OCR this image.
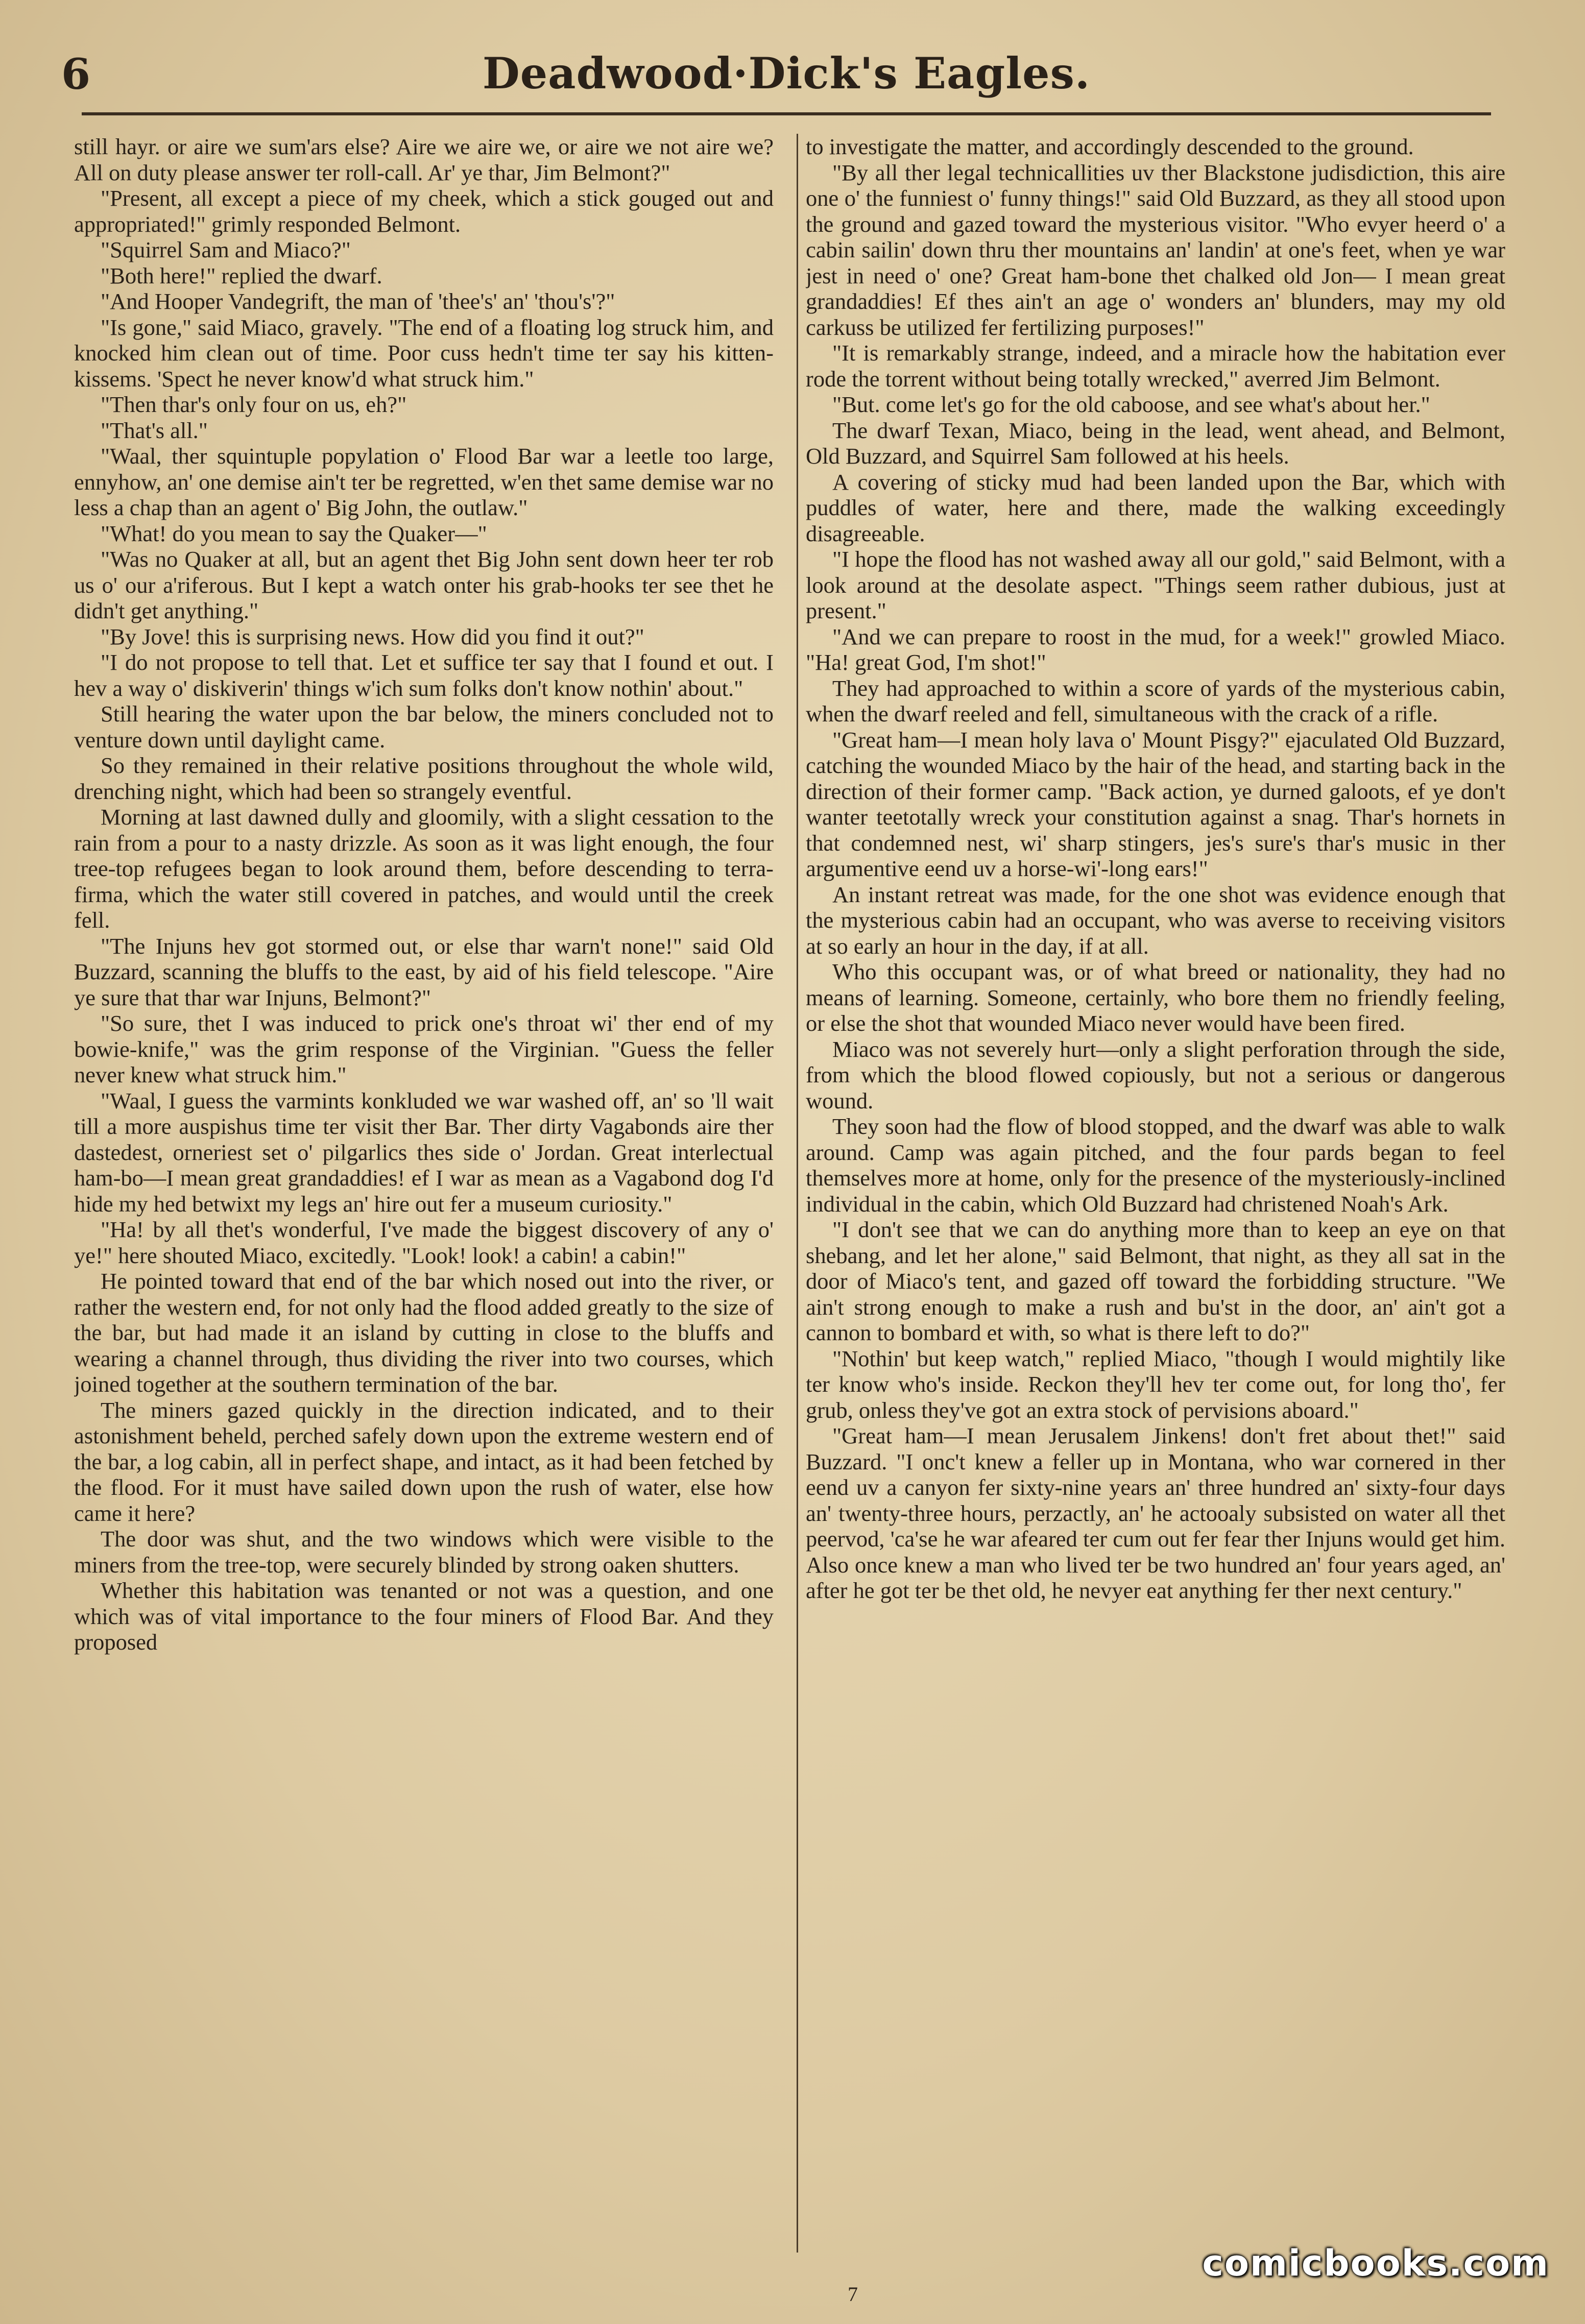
6	Deadwood·Dick's Eagles.

still hayr. or aire we sum'ars else? Aire we aire we, or aire we not aire we? All on duty please answer ter roll-call. Ar' ye thar, Jim Belmont?"

"Present, all except a piece of my cheek, which a stick gouged out and appropriated!" grimly responded Belmont.

"Squirrel Sam and Miaco?"

"Both here!" replied the dwarf.

"And Hooper Vandegrift, the man of 'thee's' an' 'thou's'?"

"Is gone," said Miaco, gravely. "The end of a floating log struck him, and knocked him clean out of time. Poor cuss hedn't time ter say his kitten-kissems. 'Spect he never know'd what struck him."

"Then thar's only four on us, eh?"

"That's all."

"Waal, ther squintuple popylation o' Flood Bar war a leetle too large, ennyhow, an' one demise ain't ter be regretted, w'en thet same demise war no less a chap than an agent o' Big John, the outlaw."

"What! do you mean to say the Quaker—"

"Was no Quaker at all, but an agent thet Big John sent down heer ter rob us o' our a'riferous. But I kept a watch onter his grab-hooks ter see thet he didn't get anything."

"By Jove! this is surprising news. How did you find it out?"

"I do not propose to tell that. Let et suffice ter say that I found et out. I hev a way o' diskiverin' things w'ich sum folks don't know nothin' about."

Still hearing the water upon the bar below, the miners concluded not to venture down until daylight came.

So they remained in their relative positions throughout the whole wild, drenching night, which had been so strangely eventful.

Morning at last dawned dully and gloomily, with a slight cessation to the rain from a pour to a nasty drizzle. As soon as it was light enough, the four tree-top refugees began to look around them, before descending to terra-firma, which the water still covered in patches, and would until the creek fell.

"The Injuns hev got stormed out, or else thar warn't none!" said Old Buzzard, scanning the bluffs to the east, by aid of his field telescope. "Aire ye sure that thar war Injuns, Belmont?"

"So sure, thet I was induced to prick one's throat wi' ther end of my bowie-knife," was the grim response of the Virginian. "Guess the feller never knew what struck him."

"Waal, I guess the varmints konkluded we war washed off, an' so 'll wait till a more auspishus time ter visit ther Bar. Ther dirty Vagabonds aire ther dastedest, orneriest set o' pilgarlics thes side o' Jordan. Great interlectual ham-bo—I mean great grandaddies! ef I war as mean as a Vagabond dog I'd hide my hed betwixt my legs an' hire out fer a museum curiosity."

"Ha! by all thet's wonderful, I've made the biggest discovery of any o' ye!" here shouted Miaco, excitedly. "Look! look! a cabin! a cabin!"

He pointed toward that end of the bar which nosed out into the river, or rather the western end, for not only had the flood added greatly to the size of the bar, but had made it an island by cutting in close to the bluffs and wearing a channel through, thus dividing the river into two courses, which joined together at the southern termination of the bar.

The miners gazed quickly in the direction indicated, and to their astonishment beheld, perched safely down upon the extreme western end of the bar, a log cabin, all in perfect shape, and intact, as it had been fetched by the flood. For it must have sailed down upon the rush of water, else how came it here?

The door was shut, and the two windows which were visible to the miners from the tree-top, were securely blinded by strong oaken shutters.

Whether this habitation was tenanted or not was a question, and one which was of vital importance to the four miners of Flood Bar. And they proposed

to investigate the matter, and accordingly descended to the ground.

"By all ther legal technicallities uv ther Blackstone judisdiction, this aire one o' the funniest o' funny things!" said Old Buzzard, as they all stood upon the ground and gazed toward the mysterious visitor. "Who evyer heerd o' a cabin sailin' down thru ther mountains an' landin' at one's feet, when ye war jest in need o' one? Great ham-bone thet chalked old Jon— I mean great grandaddies! Ef thes ain't an age o' wonders an' blunders, may my old carkuss be utilized fer fertilizing purposes!"

"It is remarkably strange, indeed, and a miracle how the habitation ever rode the torrent without being totally wrecked," averred Jim Belmont.

"But. come let's go for the old caboose, and see what's about her."

The dwarf Texan, Miaco, being in the lead, went ahead, and Belmont, Old Buzzard, and Squirrel Sam followed at his heels.

A covering of sticky mud had been landed upon the Bar, which with puddles of water, here and there, made the walking exceedingly disagreeable.

"I hope the flood has not washed away all our gold," said Belmont, with a look around at the desolate aspect. "Things seem rather dubious, just at present."

"And we can prepare to roost in the mud, for a week!" growled Miaco. "Ha! great God, I'm shot!"

They had approached to within a score of yards of the mysterious cabin, when the dwarf reeled and fell, simultaneous with the crack of a rifle.

"Great ham—I mean holy lava o' Mount Pisgy?" ejaculated Old Buzzard, catching the wounded Miaco by the hair of the head, and starting back in the direction of their former camp. "Back action, ye durned galoots, ef ye don't wanter teetotally wreck your constitution against a snag. Thar's hornets in that condemned nest, wi' sharp stingers, jes's sure's thar's music in ther argumentive eend uv a horse-wi'-long ears!"

An instant retreat was made, for the one shot was evidence enough that the mysterious cabin had an occupant, who was averse to receiving visitors at so early an hour in the day, if at all.

Who this occupant was, or of what breed or nationality, they had no means of learning. Someone, certainly, who bore them no friendly feeling, or else the shot that wounded Miaco never would have been fired.

Miaco was not severely hurt—only a slight perforation through the side, from which the blood flowed copiously, but not a serious or dangerous wound.

They soon had the flow of blood stopped, and the dwarf was able to walk around. Camp was again pitched, and the four pards began to feel themselves more at home, only for the presence of the mysteriously-inclined individual in the cabin, which Old Buzzard had christened Noah's Ark.

"I don't see that we can do anything more than to keep an eye on that shebang, and let her alone," said Belmont, that night, as they all sat in the door of Miaco's tent, and gazed off toward the forbidding structure. "We ain't strong enough to make a rush and bu'st in the door, an' ain't got a cannon to bombard et with, so what is there left to do?"

"Nothin' but keep watch," replied Miaco, "though I would mightily like ter know who's inside. Reckon they'll hev ter come out, for long tho', fer grub, onless they've got an extra stock of pervisions aboard."

"Great ham—I mean Jerusalem Jinkens! don't fret about thet!" said Buzzard. "I onc't knew a feller up in Montana, who war cornered in ther eend uv a canyon fer sixty-nine years an' three hundred an' sixty-four days an' twenty-three hours, perzactly, an' he actooaly subsisted on water all thet peervod, 'ca'se he war afeared ter cum out fer fear ther Injuns would get him. Also once knew a man who lived ter be two hundred an' four years aged, an' after he got ter be thet old, he nevyer eat anything fer ther next century."

7
comicbooks.com
